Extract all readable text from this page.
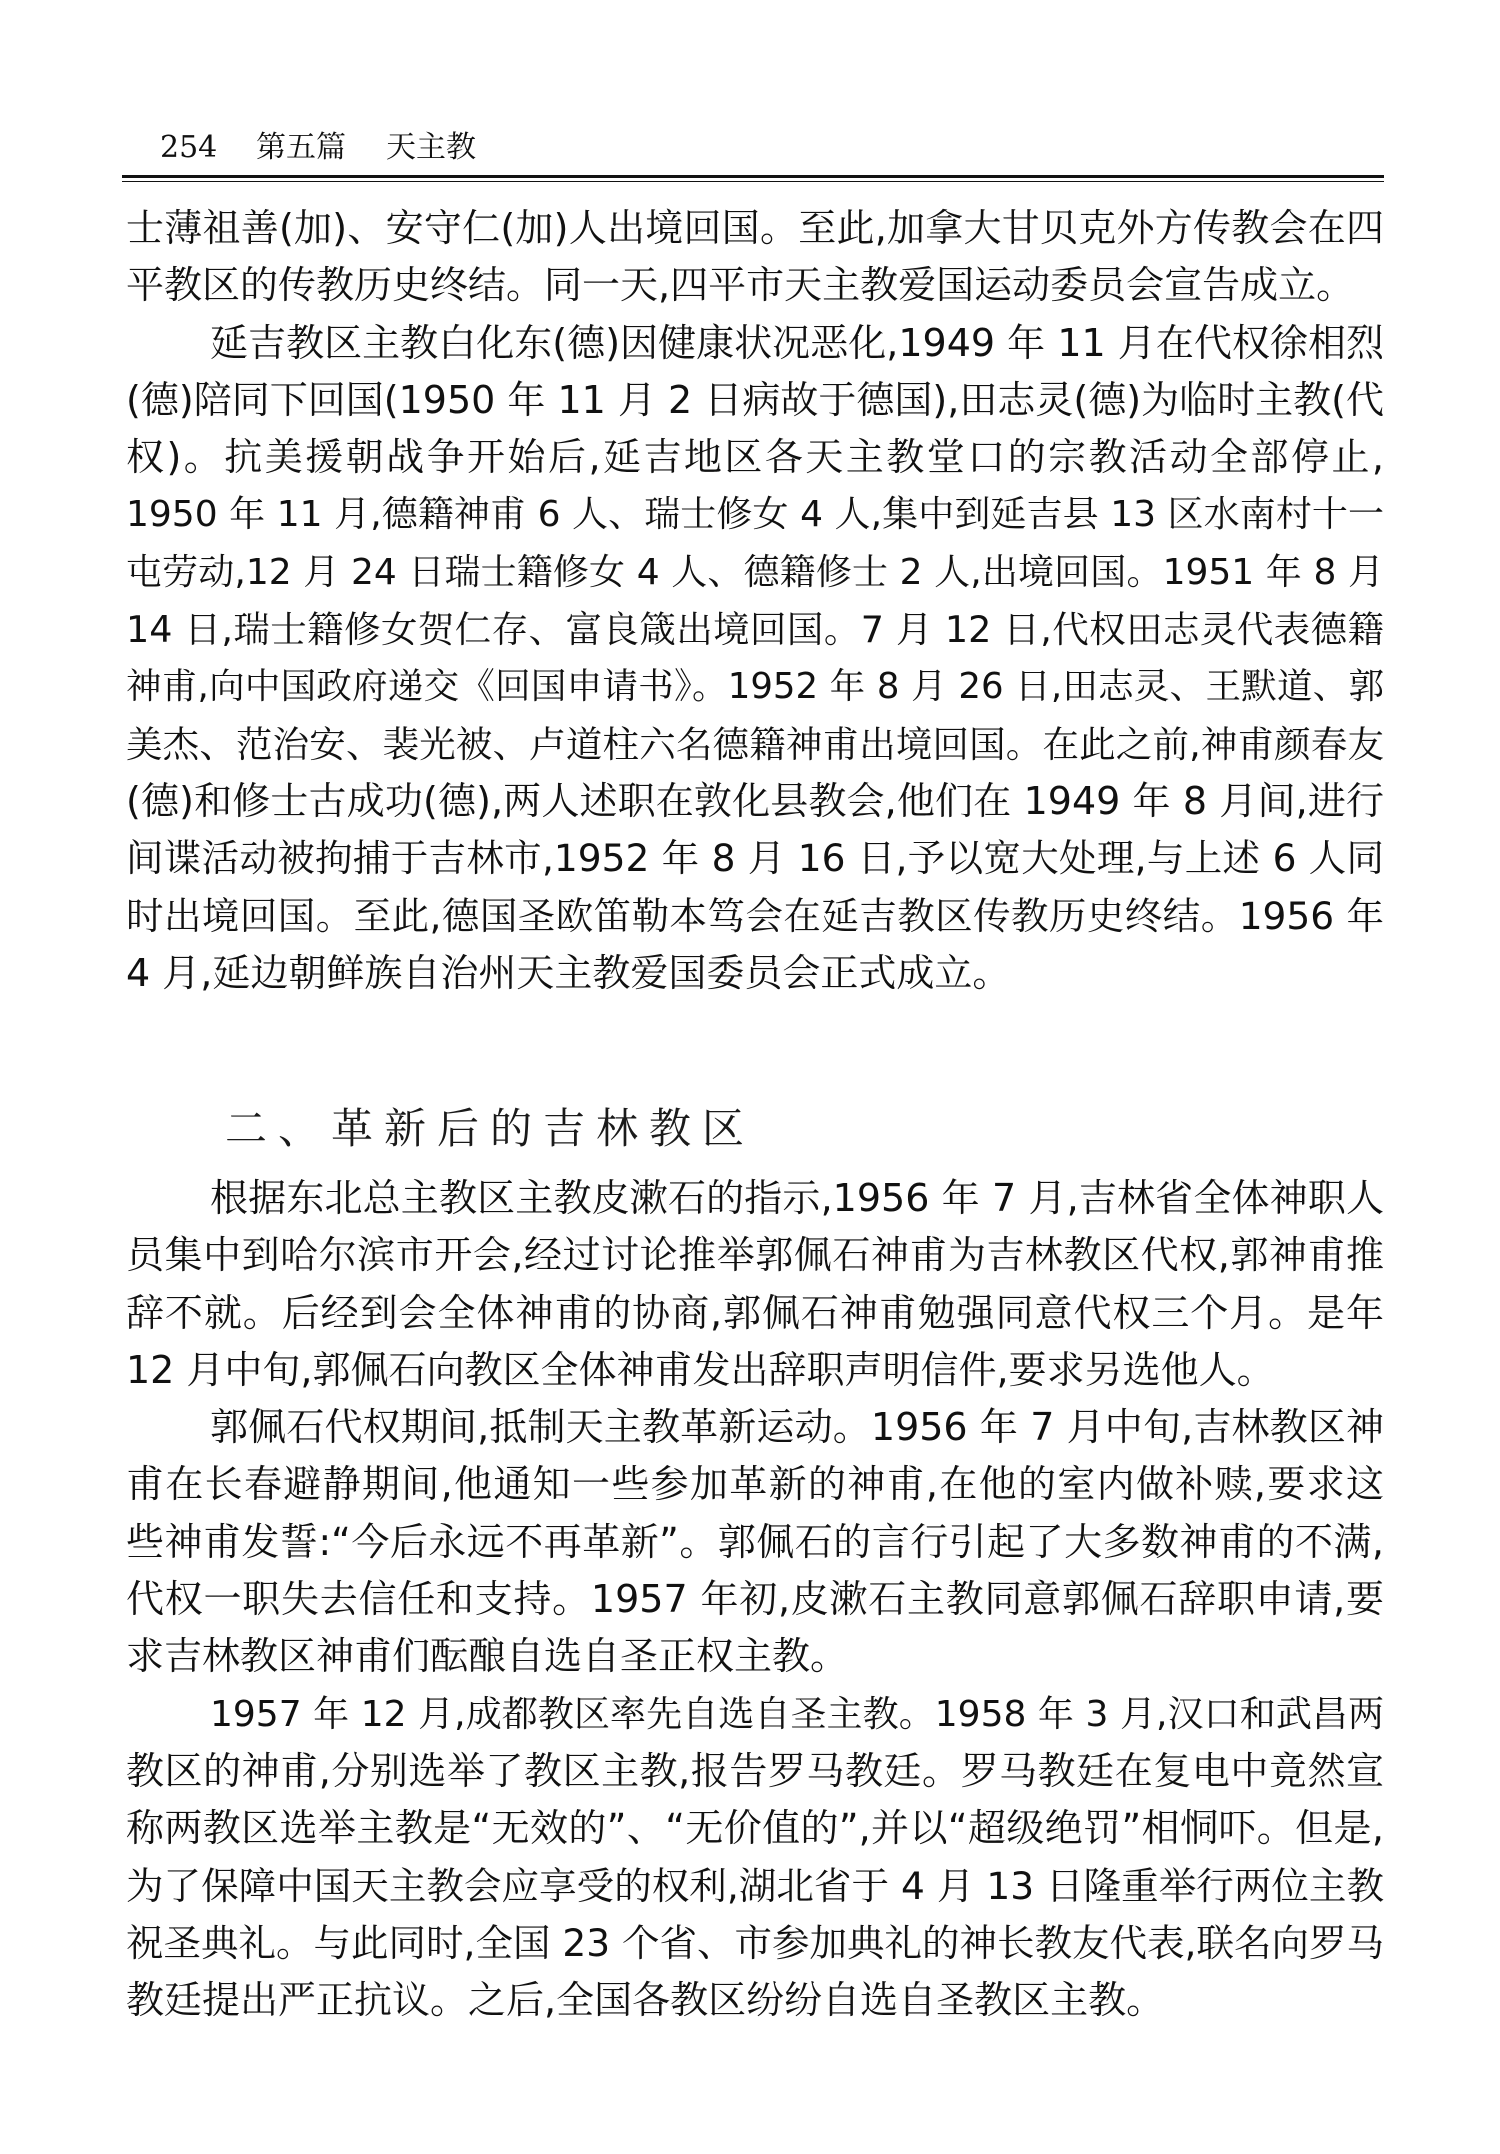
254 第五篇 天主教
士薄祖善(加)、安守仁(加)人出境回国。至此,加拿大甘贝克外方传教会在四
平教区的传教历史终结。同一天,四平市天主教爱国运动委员会宣告成立。
延吉教区主教白化东(德)因健康状况恶化,1949 年 11 月在代权徐相烈
(德)陪同下回国(1950 年 11 月 2 日病故于德国),田志灵(德)为临时主教(代
权)。抗美援朝战争开始后,延吉地区各天主教堂口的宗教活动全部停止,
1950 年 11 月,德籍神甫 6 人、瑞士修女 4 人,集中到延吉县 13 区水南村十一
屯劳动,12 月 24 日瑞士籍修女 4 人、德籍修士 2 人,出境回国。1951 年 8 月
14 日,瑞士籍修女贺仁存、富良箴出境回国。7 月 12 日,代权田志灵代表德籍
神甫,向中国政府递交《回国申请书》。1952 年 8 月 26 日,田志灵、王默道、郭
美杰、范治安、裴光被、卢道柱六名德籍神甫出境回国。在此之前,神甫颜春友
(德)和修士古成功(德),两人述职在敦化县教会,他们在 1949 年 8 月间,进行
间谍活动被拘捕于吉林市,1952 年 8 月 16 日,予以宽大处理,与上述 6 人同
时出境回国。至此,德国圣欧笛勒本笃会在延吉教区传教历史终结。1956 年
4 月,延边朝鲜族自治州天主教爱国委员会正式成立。
二、革新后的吉林教区
根据东北总主教区主教皮漱石的指示,1956 年 7 月,吉林省全体神职人
员集中到哈尔滨市开会,经过讨论推举郭佩石神甫为吉林教区代权,郭神甫推
辞不就。后经到会全体神甫的协商,郭佩石神甫勉强同意代权三个月。是年
12 月中旬,郭佩石向教区全体神甫发出辞职声明信件,要求另选他人。
郭佩石代权期间,抵制天主教革新运动。1956 年 7 月中旬,吉林教区神
甫在长春避静期间,他通知一些参加革新的神甫,在他的室内做补赎,要求这
些神甫发誓:“今后永远不再革新”。郭佩石的言行引起了大多数神甫的不满,
代权一职失去信任和支持。1957 年初,皮漱石主教同意郭佩石辞职申请,要
求吉林教区神甫们酝酿自选自圣正权主教。
1957 年 12 月,成都教区率先自选自圣主教。1958 年 3 月,汉口和武昌两
教区的神甫,分别选举了教区主教,报告罗马教廷。罗马教廷在复电中竟然宣
称两教区选举主教是“无效的”、“无价值的”,并以“超级绝罚”相恫吓。但是,
为了保障中国天主教会应享受的权利,湖北省于 4 月 13 日隆重举行两位主教
祝圣典礼。与此同时,全国 23 个省、市参加典礼的神长教友代表,联名向罗马
教廷提出严正抗议。之后,全国各教区纷纷自选自圣教区主教。
